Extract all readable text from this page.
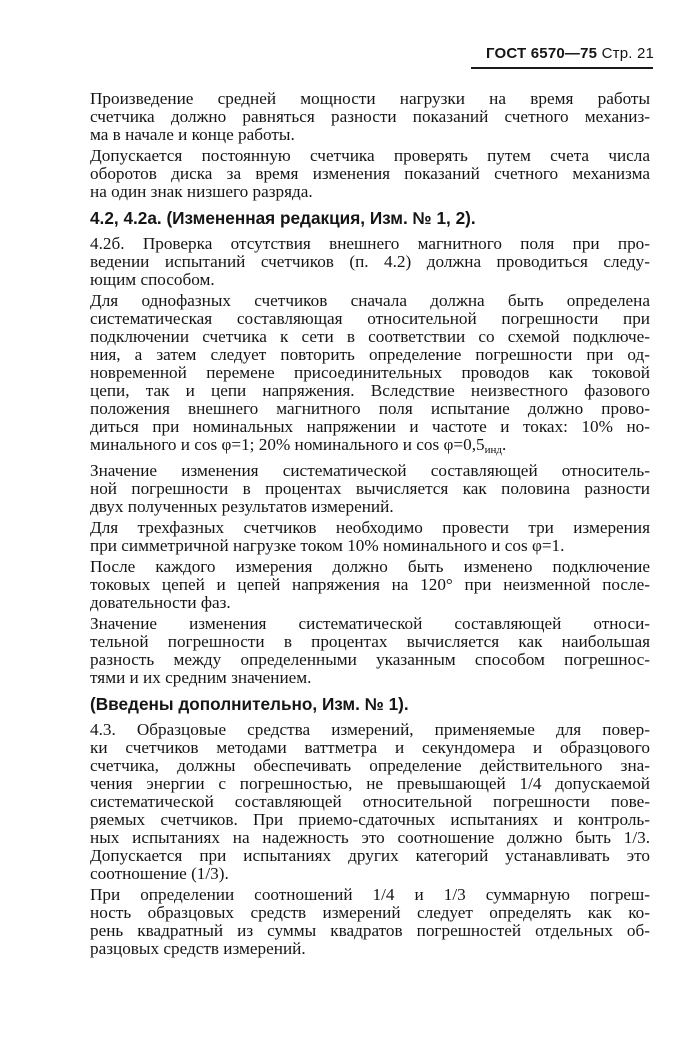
ГОСТ 6570—75 Стр. 21
Произведение средней мощности нагрузки на время работы
счетчика должно равняться разности показаний счетного механиз-
ма в начале и конце работы.
Допускается постоянную счетчика проверять путем счета числа
оборотов диска за время изменения показаний счетного механизма
на один знак низшего разряда.
4.2, 4.2а. (Измененная редакция, Изм. № 1, 2).
4.2б. Проверка отсутствия внешнего магнитного поля при про-
ведении испытаний счетчиков (п. 4.2) должна проводиться следу-
ющим способом.
Для однофазных счетчиков сначала должна быть определена
систематическая составляющая относительной погрешности при
подключении счетчика к сети в соответствии со схемой подключе-
ния, а затем следует повторить определение погрешности при од-
новременной перемене присоединительных проводов как токовой
цепи, так и цепи напряжения. Вследствие неизвестного фазового
положения внешнего магнитного поля испытание должно прово-
диться при номинальных напряжении и частоте и токах: 10% но-
минального и cos φ=1; 20% номинального и $\cos \varphi=0,5_{инд}$.
Значение изменения систематической составляющей относитель-
ной погрешности в процентах вычисляется как половина разности
двух полученных результатов измерений.
Для трехфазных счетчиков необходимо провести три измерения
при симметричной нагрузке током 10% номинального и cos φ=1.
После каждого измерения должно быть изменено подключение
токовых цепей и цепей напряжения на 120° при неизменной после-
довательности фаз.
Значение изменения систематической составляющей относи-
тельной погрешности в процентах вычисляется как наибольшая
разность между определенными указанным способом погрешнос-
тями и их средним значением.
(Введены дополнительно, Изм. № 1).
4.3. Образцовые средства измерений, применяемые для повер-
ки счетчиков методами ваттметра и секундомера и образцового
счетчика, должны обеспечивать определение действительного зна-
чения энергии с погрешностью, не превышающей 1/4 допускаемой
систематической составляющей относительной погрешности пове-
ряемых счетчиков. При приемо-сдаточных испытаниях и контроль-
ных испытаниях на надежность это соотношение должно быть 1/3.
Допускается при испытаниях других категорий устанавливать это
соотношение (1/3).
При определении соотношений 1/4 и 1/3 суммарную погреш-
ность образцовых средств измерений следует определять как ко-
рень квадратный из суммы квадратов погрешностей отдельных об-
разцовых средств измерений.
